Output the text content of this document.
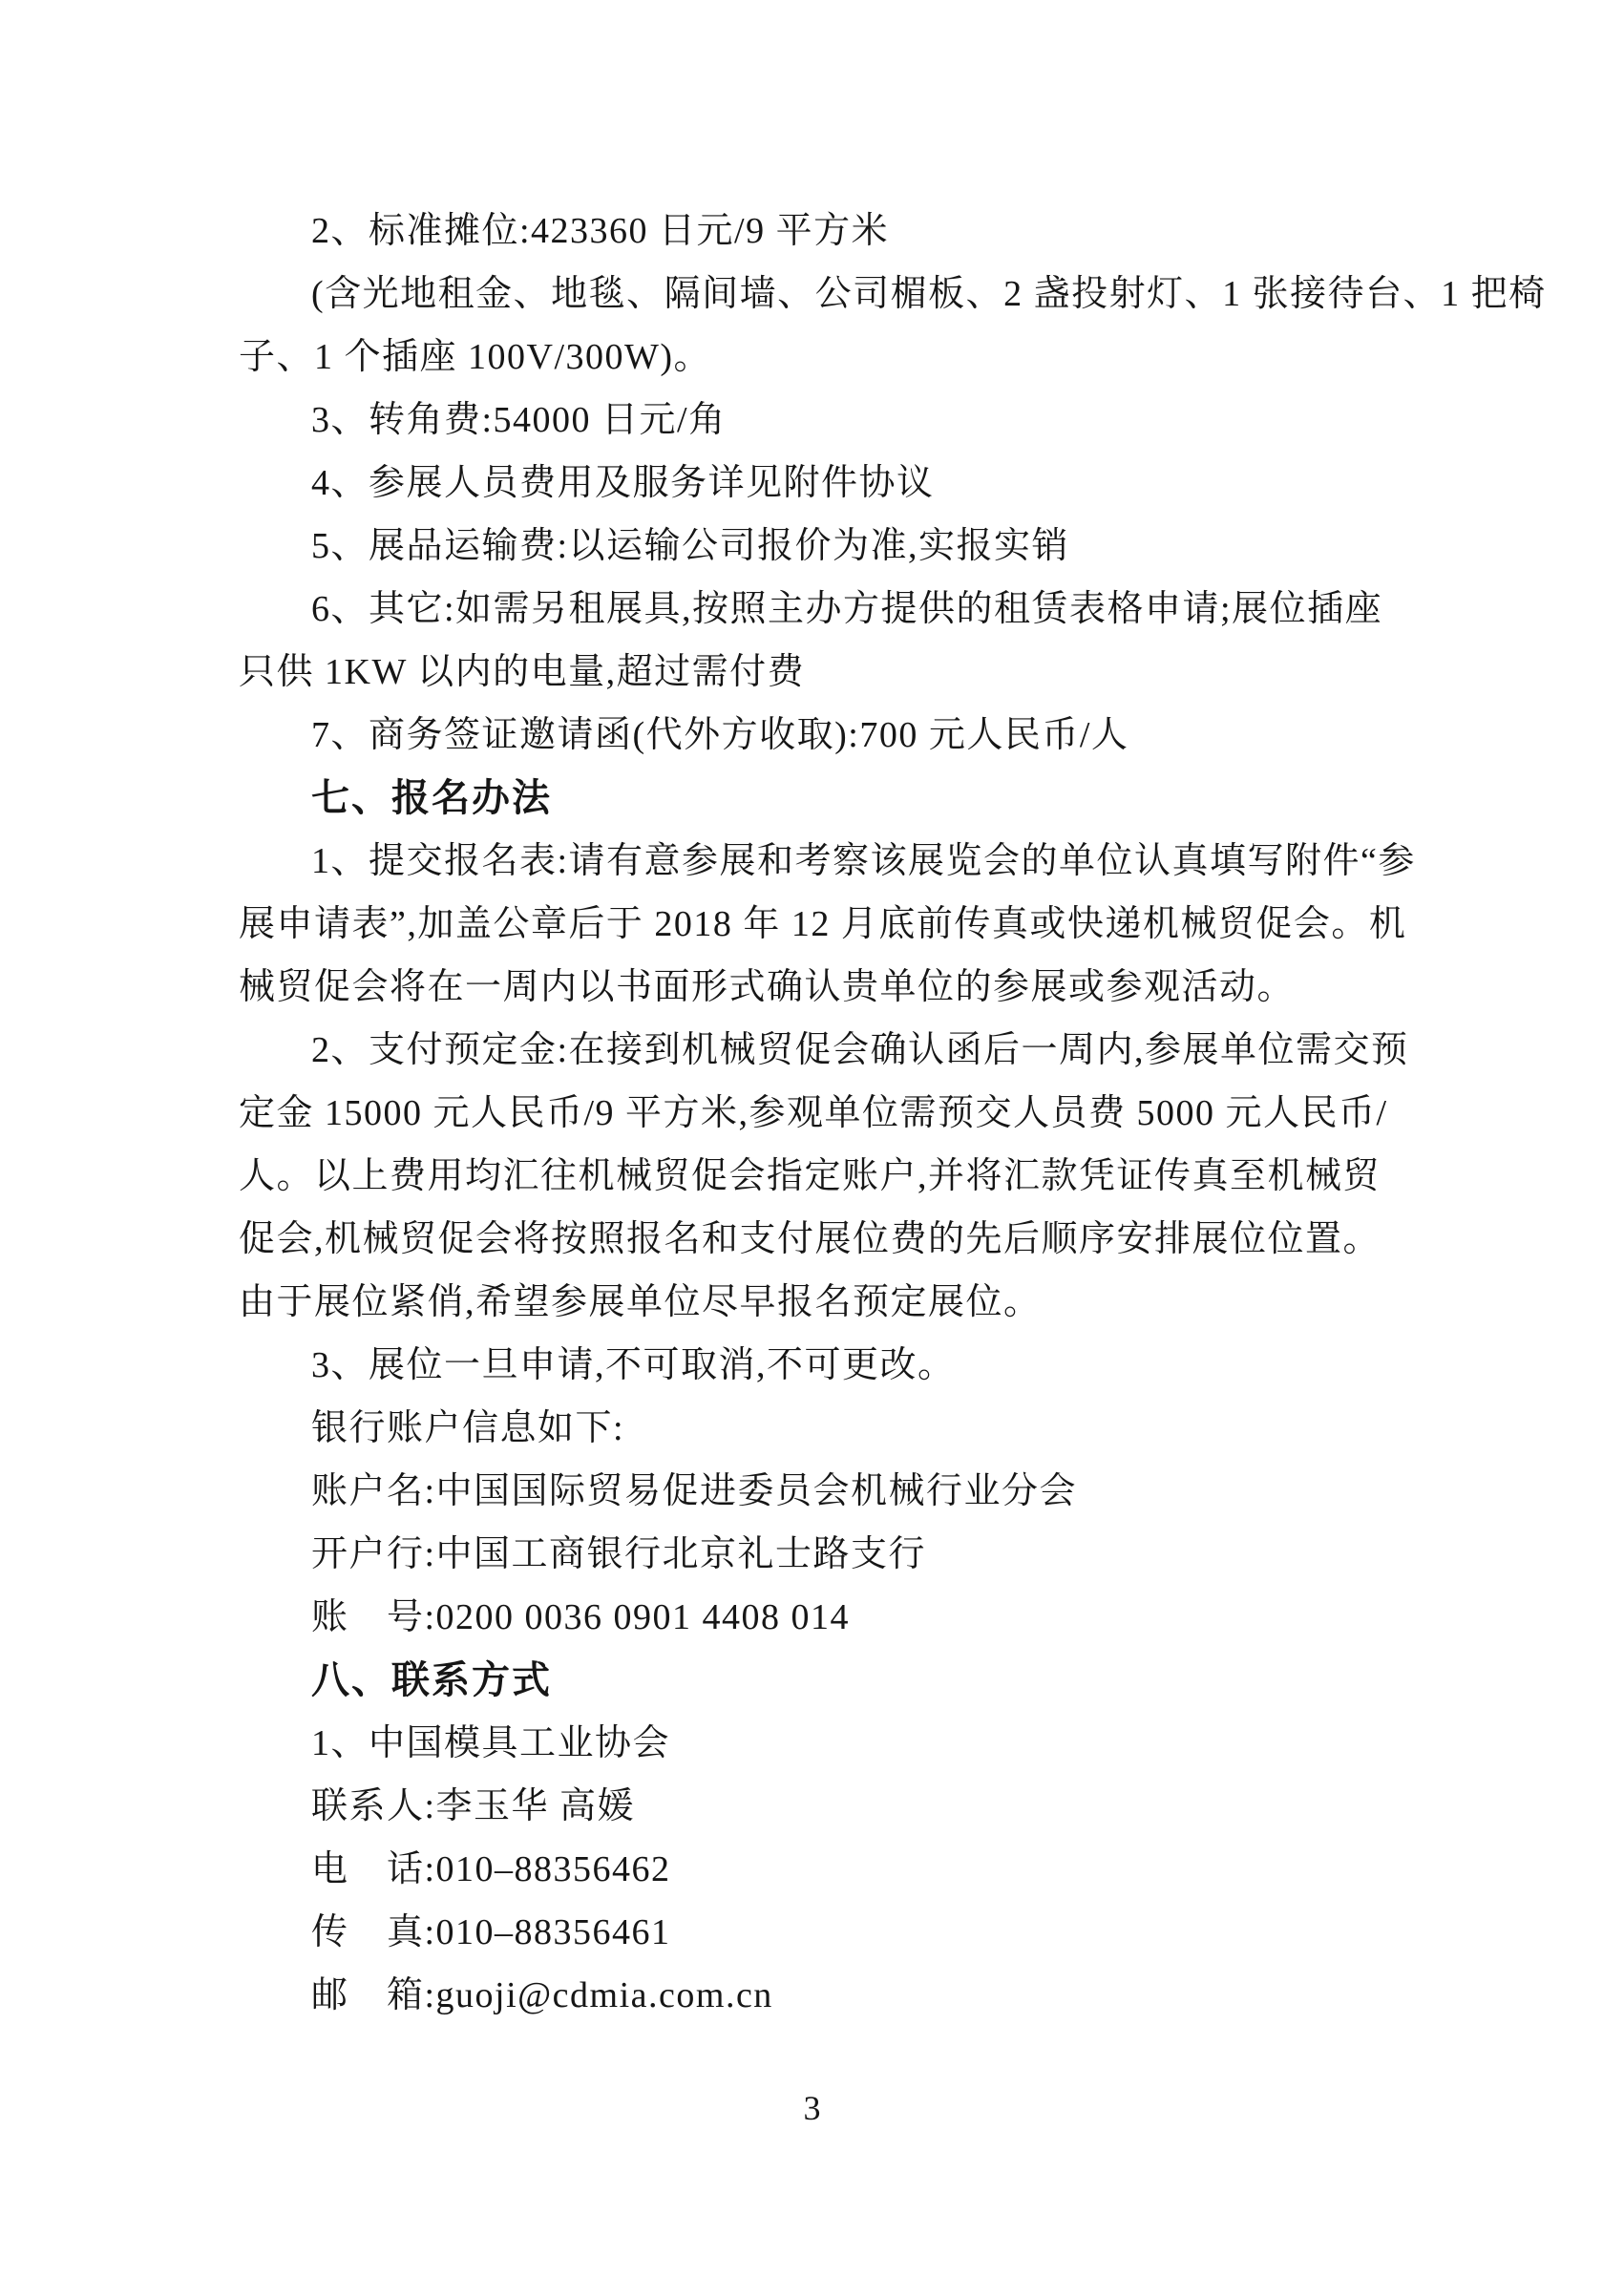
2、标准摊位:423360 日元/9 平方米
(含光地租金、地毯、隔间墙、公司楣板、2 盏投射灯、1 张接待台、1 把椅
子、1 个插座 100V/300W)。
3、转角费:54000 日元/角
4、参展人员费用及服务详见附件协议
5、展品运输费:以运输公司报价为准,实报实销
6、其它:如需另租展具,按照主办方提供的租赁表格申请;展位插座
只供 1KW 以内的电量,超过需付费
7、商务签证邀请函(代外方收取):700 元人民币/人
七、报名办法
1、提交报名表:请有意参展和考察该展览会的单位认真填写附件“参
展申请表”,加盖公章后于 2018 年 12 月底前传真或快递机械贸促会。机
械贸促会将在一周内以书面形式确认贵单位的参展或参观活动。
2、支付预定金:在接到机械贸促会确认函后一周内,参展单位需交预
定金 15000 元人民币/9 平方米,参观单位需预交人员费 5000 元人民币/
人。以上费用均汇往机械贸促会指定账户,并将汇款凭证传真至机械贸
促会,机械贸促会将按照报名和支付展位费的先后顺序安排展位位置。
由于展位紧俏,希望参展单位尽早报名预定展位。
3、展位一旦申请,不可取消,不可更改。
银行账户信息如下:
账户名:中国国际贸易促进委员会机械行业分会
开户行:中国工商银行北京礼士路支行
账　号:0200 0036 0901 4408 014
八、联系方式
1、中国模具工业协会
联系人:李玉华 高媛
电　话:010–88356462
传　真:010–88356461
邮　箱:guoji@cdmia.com.cn
3
